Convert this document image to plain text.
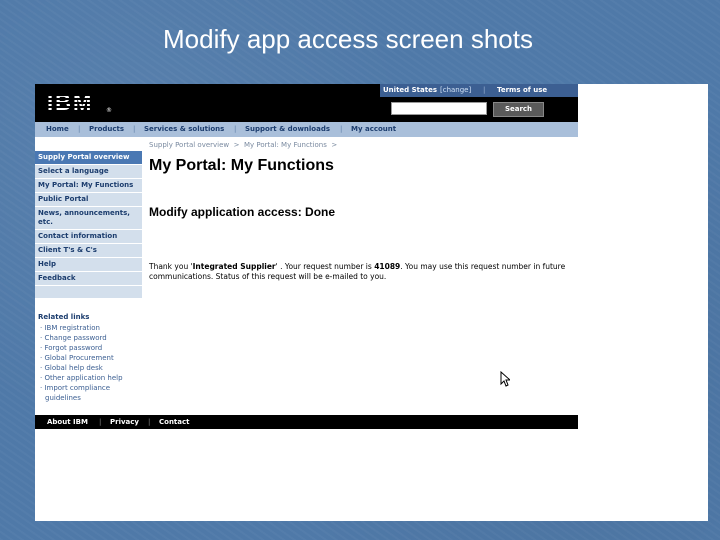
Modify app access screen shots
IBM ®
United States [change] | Terms of use
Search
Home | Products | Services & solutions | Support & downloads | My account
Supply Portal overview
Select a language
My Portal: My Functions
Public Portal
News, announcements, etc.
Contact information
Client T's & C's
Help
Feedback
Related links
· IBM registration
· Change password
· Forgot password
· Global Procurement
· Global help desk
· Other application help
· Import compliance
guidelines
Supply Portal overview > My Portal: My Functions >
My Portal: My Functions
Modify application access: Done
Thank you 'Integrated Supplier' . Your request number is 41089. You may use this request number in future communications. Status of this request will be e-mailed to you.
About IBM | Privacy | Contact
